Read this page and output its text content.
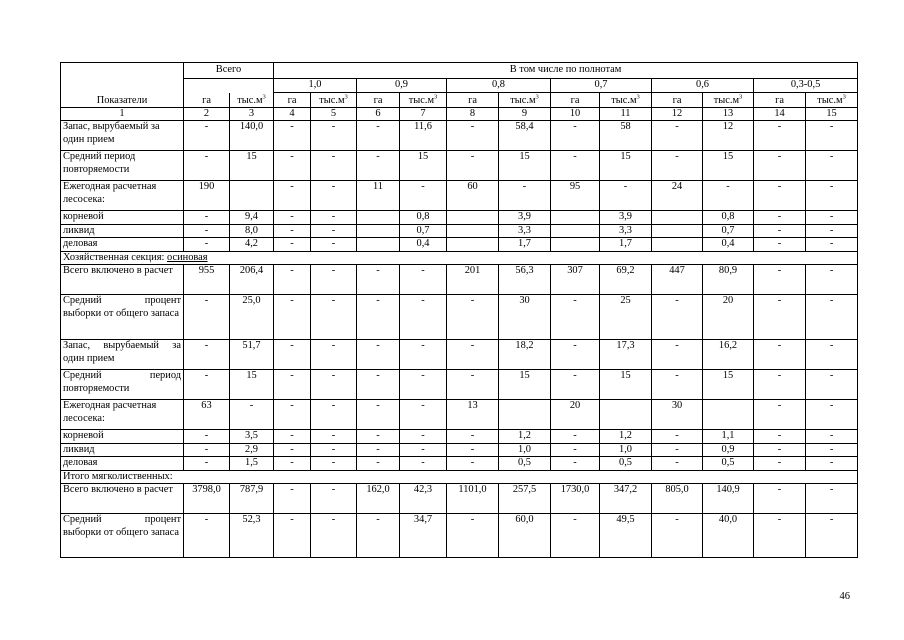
Показатели	Всего		В том числе по полнотам											
			1,0		0,9		0,8		0,7		0,6		0,3-0,5	
	га	$тыс.м^3$	га	$тыс.м^3$	га	$тыс.м^3$	га	$тыс.м^3$	га	$тыс.м^3$	га	$тыс.м^3$	га	$тыс.м^3$
1	2	3	4	5	6	7	8	9	10	11	12	13	14	15
Запас, вырубаемый за один прием	-	140,0	-	-	-	11,6	-	58,4	-	58	-	12	-	-

Средний период повторяемости	-	15	-	-	-	15	-	15	-	15	-	15	-	-

Ежегодная расчетная лесосека:	190		-	-	11	-	60	-	95	-	24	-	-	-

корневой	-	9,4	-	-		0,8		3,9		3,9		0,8	-	-

ликвид	-	8,0	-	-		0,7		3,3		3,3		0,7	-	-

деловая	-	4,2	-	-		0,4		1,7		1,7		0,4	-	-

Хозяйственная секция: осиновая														
Всего включено в расчет	955	206,4	-	-	-	-	201	56,3	307	69,2	447	80,9	-	-

Средний процент выборки от общего запаса	-	25,0	-	-	-	-	-	30	-	25	-	20	-	-

Запас, вырубаемый за один прием	-	51,7	-	-	-	-	-	18,2	-	17,3	-	16,2	-	-

Средний период повторяемости	-	15	-	-	-	-	-	15	-	15	-	15	-	-

Ежегодная расчетная лесосека:	63	-	-	-	-	-	13		20		30		-	-

корневой	-	3,5	-	-	-	-	-	1,2	-	1,2	-	1,1	-	-

ликвид	-	2,9	-	-	-	-	-	1,0	-	1,0	-	0,9	-	-

деловая	-	1,5	-	-	-	-	-	0,5	-	0,5	-	0,5	-	-

Итого мягколиственных:														
Всего включено в расчет	3798,0	787,9	-	-	162,0	42,3	1101,0	257,5	1730,0	347,2	805,0	140,9	-	-

Средний процент выборки от общего запаса	-	52,3	-	-	-	34,7	-	60,0	-	49,5	-	40,0	-	-
46
